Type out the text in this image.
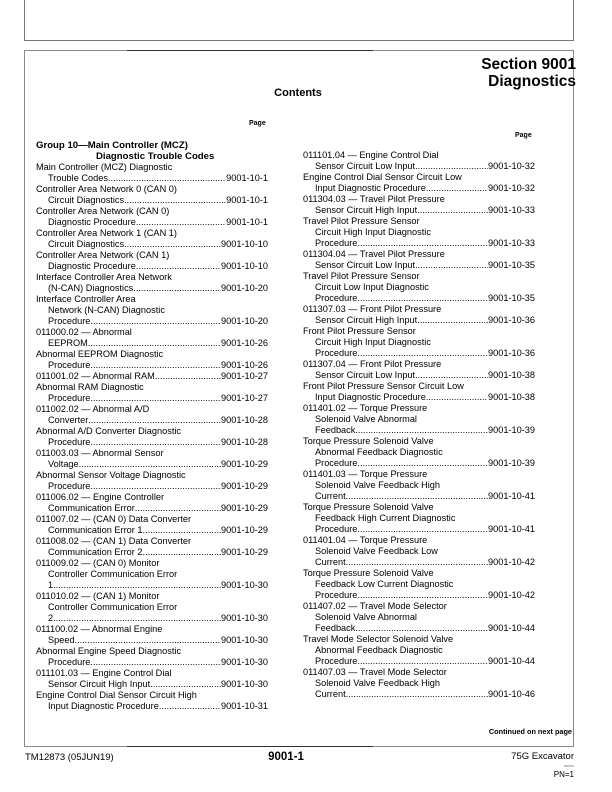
Section 9001
Diagnostics
Contents
Page
Page
Group 10—Main Controller (MCZ)
Diagnostic Trouble Codes
Main Controller (MCZ) Diagnostic
Trouble Codes .....	9001-10-1
Controller Area Network 0 (CAN 0)
Circuit Diagnostics .....	9001-10-1
Controller Area Network (CAN 0)
Diagnostic Procedure .....	9001-10-1
Controller Area Network 1 (CAN 1)
Circuit Diagnostics .....	9001-10-10
Controller Area Network (CAN 1)
Diagnostic Procedure .....	9001-10-10
Interface Controller Area Network
(N-CAN) Diagnostics .....	9001-10-20
Interface Controller Area
Network (N-CAN) Diagnostic
Procedure .....	9001-10-20
011000.02 — Abnormal
EEPROM .....	9001-10-26
Abnormal EEPROM Diagnostic
Procedure .....	9001-10-26
011001.02 — Abnormal RAM .....	9001-10-27
Abnormal RAM Diagnostic
Procedure .....	9001-10-27
011002.02 — Abnormal A/D
Converter .....	9001-10-28
Abnormal A/D Converter Diagnostic
Procedure .....	9001-10-28
011003.03 — Abnormal Sensor
Voltage .....	9001-10-29
Abnormal Sensor Voltage Diagnostic
Procedure .....	9001-10-29
011006.02 — Engine Controller
Communication Error .....	9001-10-29
011007.02 — (CAN 0) Data Converter
Communication Error 1 .....	9001-10-29
011008.02 — (CAN 1) Data Converter
Communication Error 2 .....	9001-10-29
011009.02 — (CAN 0) Monitor
Controller Communication Error
1 .....	9001-10-30
011010.02 — (CAN 1) Monitor
Controller Communication Error
2 .....	9001-10-30
011100.02 — Abnormal Engine
Speed .....	9001-10-30
Abnormal Engine Speed Diagnostic
Procedure .....	9001-10-30
011101.03 — Engine Control Dial
Sensor Circuit High Input .....	9001-10-30
Engine Control Dial Sensor Circuit High
Input Diagnostic Procedure .....	9001-10-31
011101.04 — Engine Control Dial
Sensor Circuit Low Input .....	9001-10-32
Engine Control Dial Sensor Circuit Low
Input Diagnostic Procedure .....	9001-10-32
011304.03 — Travel Pilot Pressure
Sensor Circuit High Input .....	9001-10-33
Travel Pilot Pressure Sensor
Circuit High Input Diagnostic
Procedure .....	9001-10-33
011304.04 — Travel Pilot Pressure
Sensor Circuit Low Input .....	9001-10-35
Travel Pilot Pressure Sensor
Circuit Low Input Diagnostic
Procedure .....	9001-10-35
011307.03 — Front Pilot Pressure
Sensor Circuit High Input .....	9001-10-36
Front Pilot Pressure Sensor
Circuit High Input Diagnostic
Procedure .....	9001-10-36
011307.04 — Front Pilot Pressure
Sensor Circuit Low Input .....	9001-10-38
Front Pilot Pressure Sensor Circuit Low
Input Diagnostic Procedure .....	9001-10-38
011401.02 — Torque Pressure
Solenoid Valve Abnormal
Feedback .....	9001-10-39
Torque Pressure Solenoid Valve
Abnormal Feedback Diagnostic
Procedure .....	9001-10-39
011401.03 — Torque Pressure
Solenoid Valve Feedback High
Current .....	9001-10-41
Torque Pressure Solenoid Valve
Feedback High Current Diagnostic
Procedure .....	9001-10-41
011401.04 — Torque Pressure
Solenoid Valve Feedback Low
Current .....	9001-10-42
Torque Pressure Solenoid Valve
Feedback Low Current Diagnostic
Procedure .....	9001-10-42
011407.02 — Travel Mode Selector
Solenoid Valve Abnormal
Feedback .....	9001-10-44
Travel Mode Selector Solenoid Valve
Abnormal Feedback Diagnostic
Procedure .....	9001-10-44
011407.03 — Travel Mode Selector
Solenoid Valve Feedback High
Current .....	9001-10-46
Continued on next page
TM12873 (05JUN19)	9001-1	75G Excavator
080519
PN=1
